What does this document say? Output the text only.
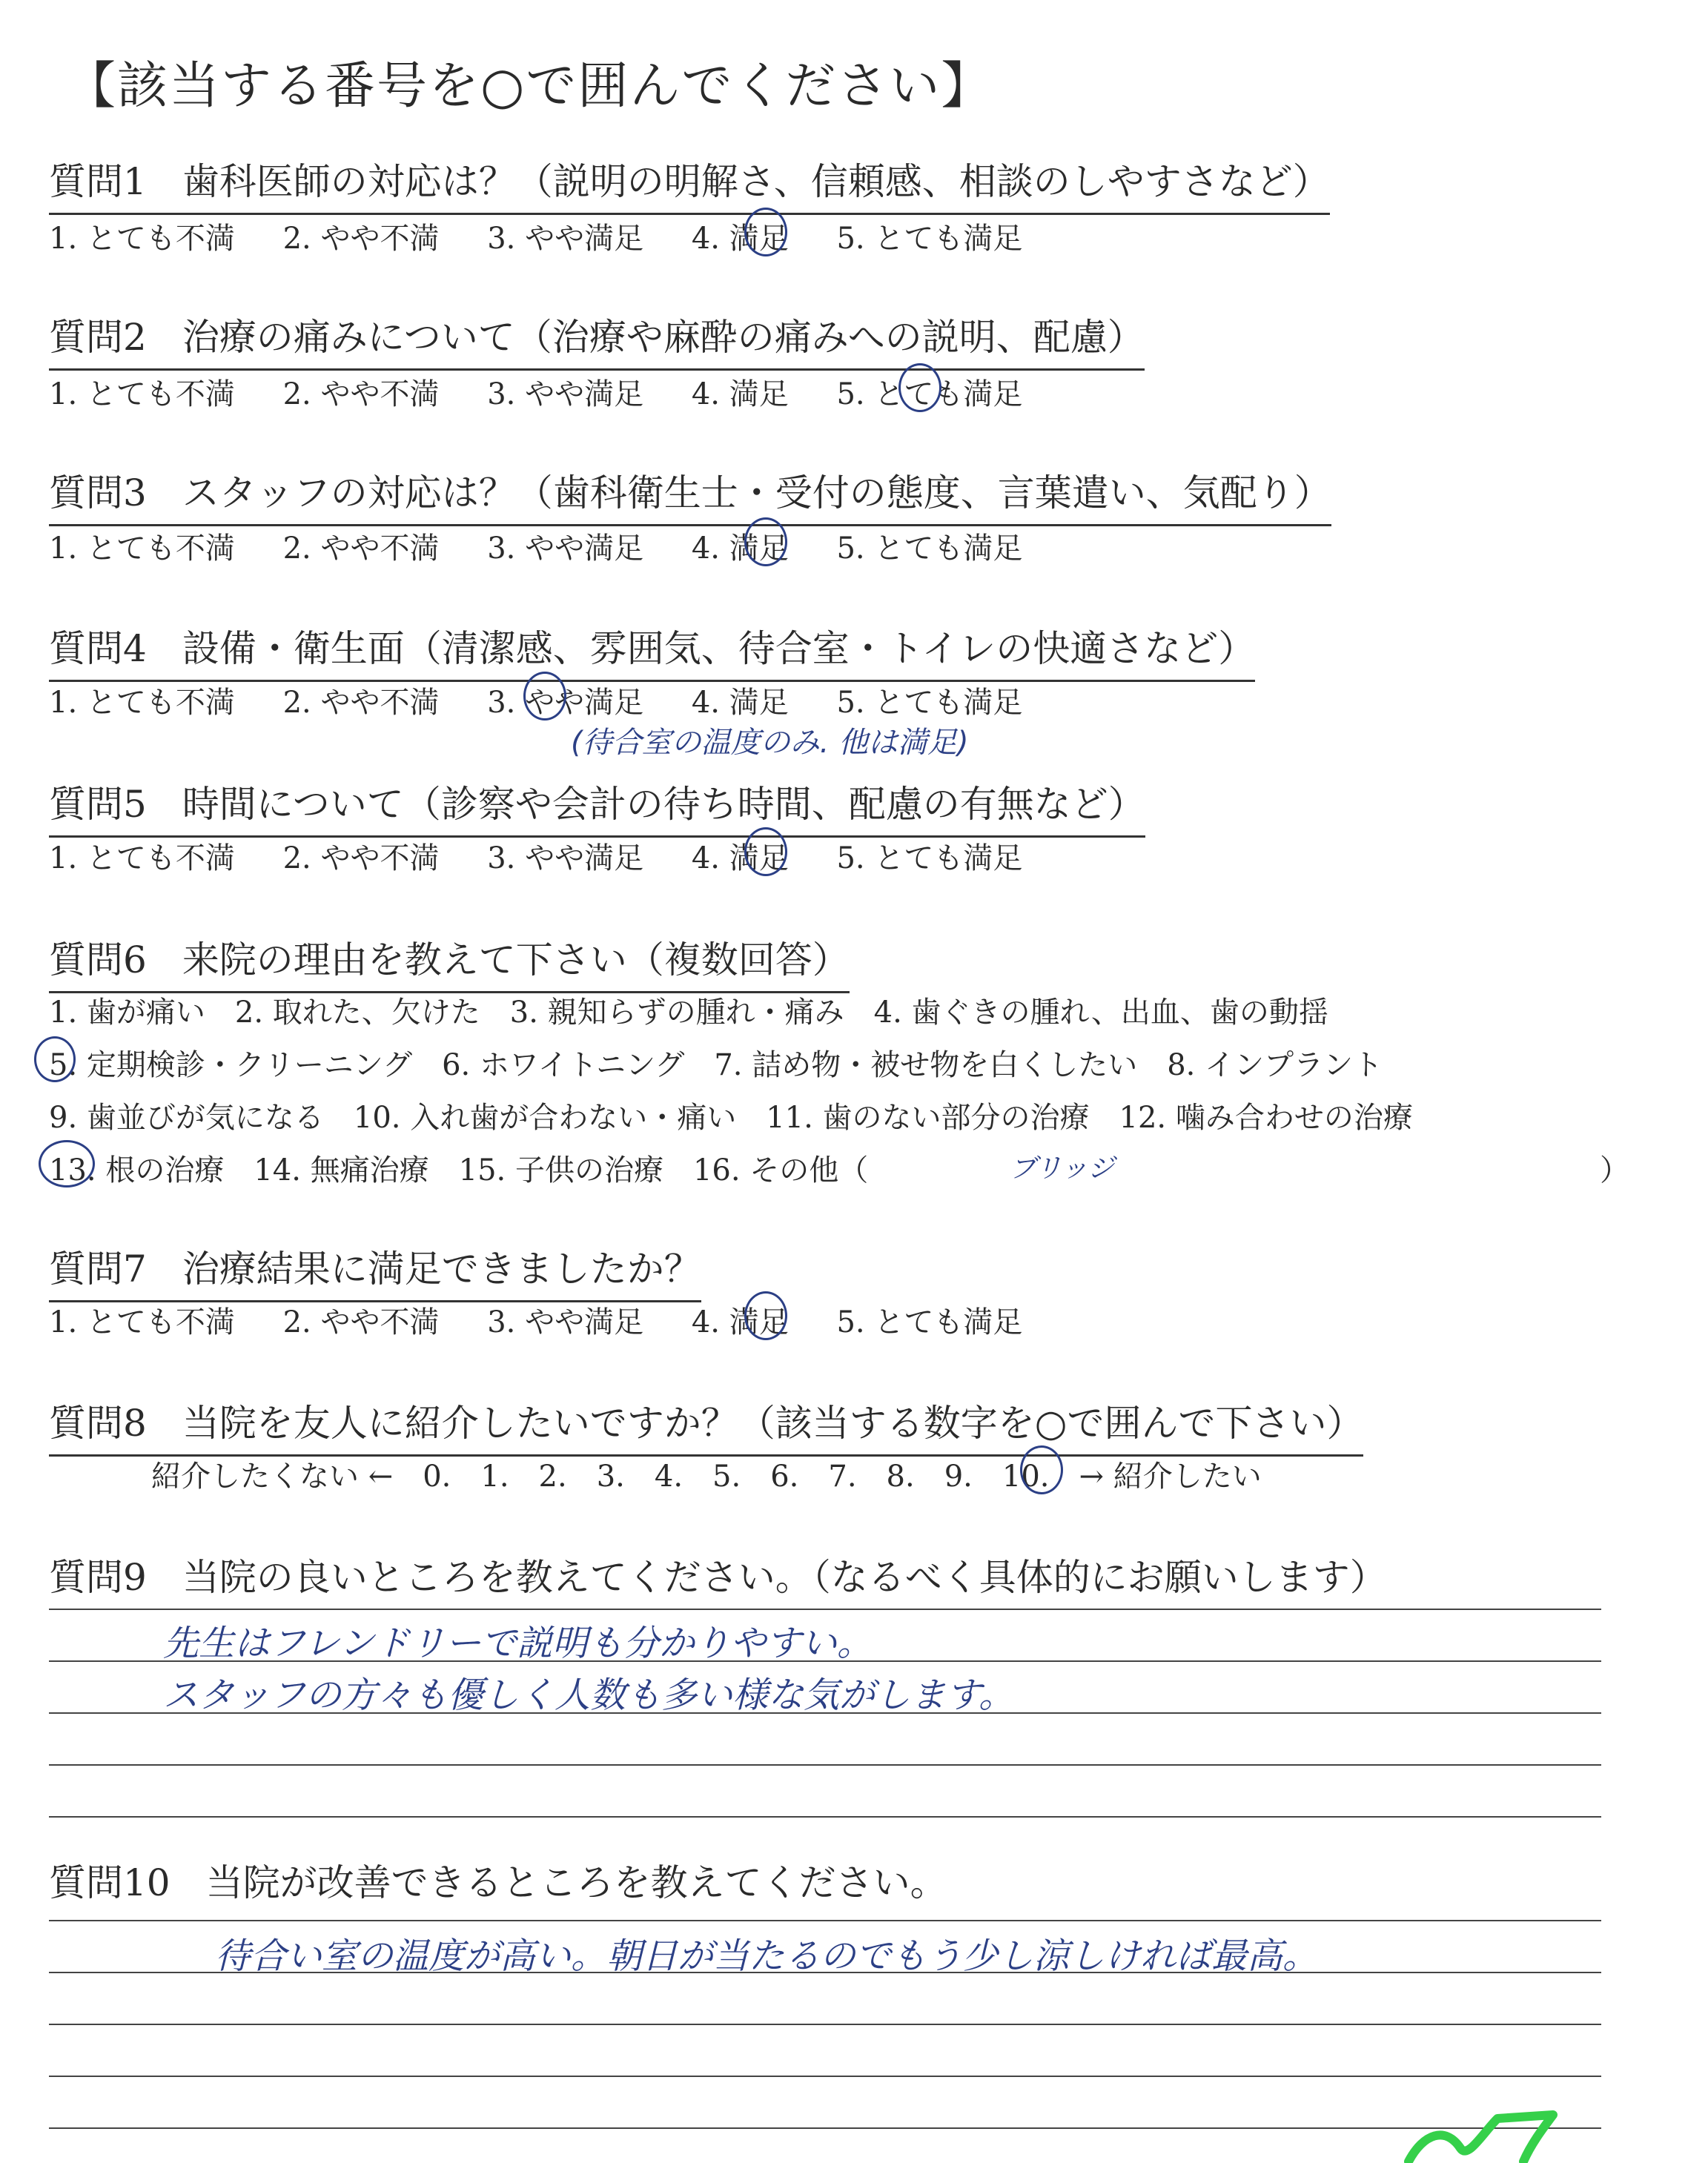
【該当する番号を○で囲んでください】
質問1 歯科医師の対応は？（説明の明解さ、信頼感、相談のしやすさなど）
1. とても不満 2. やや不満 3. やや満足 4. 満足 5. とても満足
質問2 治療の痛みについて（治療や麻酔の痛みへの説明、配慮）
1. とても不満 2. やや不満 3. やや満足 4. 満足 5. とても満足
質問3 スタッフの対応は？（歯科衛生士・受付の態度、言葉遣い、気配り）
1. とても不満 2. やや不満 3. やや満足 4. 満足 5. とても満足
質問4 設備・衛生面（清潔感、雰囲気、待合室・トイレの快適さなど）
1. とても不満 2. やや不満 3. やや満足 4. 満足 5. とても満足
(待合室の温度のみ. 他は満足)
質問5 時間について（診察や会計の待ち時間、配慮の有無など）
1. とても不満 2. やや不満 3. やや満足 4. 満足 5. とても満足
質問6 来院の理由を教えて下さい（複数回答）
1. 歯が痛い　2. 取れた、欠けた　3. 親知らずの腫れ・痛み　4. 歯ぐきの腫れ、出血、歯の動揺
5. 定期検診・クリーニング　6. ホワイトニング　7. 詰め物・被せ物を白くしたい　8. インプラント
9. 歯並びが気になる　10. 入れ歯が合わない・痛い　11. 歯のない部分の治療　12. 噛み合わせの治療
13. 根の治療　14. 無痛治療　15. 子供の治療　16. その他（	）
ブリッジ
質問7 治療結果に満足できましたか？
1. とても不満 2. やや不満 3. やや満足 4. 満足 5. とても満足
質問8 当院を友人に紹介したいですか？（該当する数字を○で囲んで下さい）
紹介したくない ←　0.　1.　2.　3.　4.　5.　6.　7.　8.　9.　10.　→ 紹介したい
質問9 当院の良いところを教えてください。（なるべく具体的にお願いします）
先生はフレンドリーで説明も分かりやすい。
スタッフの方々も優しく人数も多い様な気がします。
質問10 当院が改善できるところを教えてください。
待合い室の温度が高い。朝日が当たるのでもう少し涼しければ最高。
